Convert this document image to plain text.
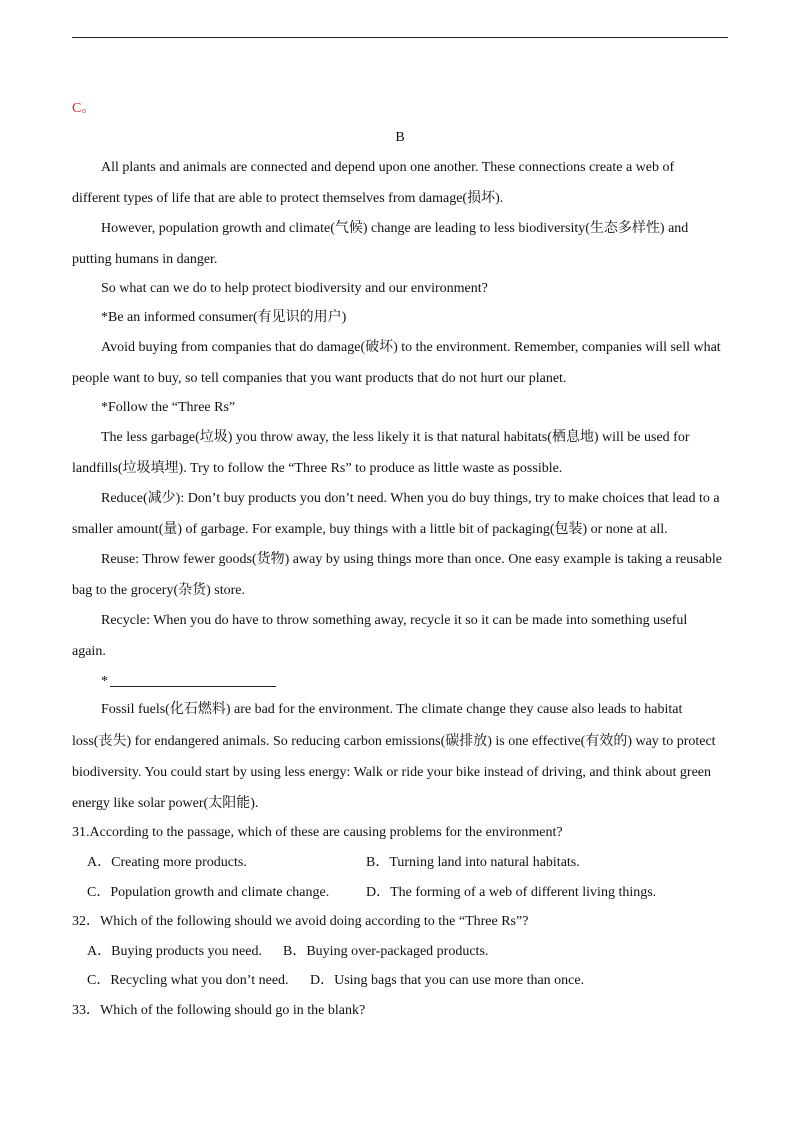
C。
B
All plants and animals are connected and depend upon one another. These connections create a web of
different types of life that are able to protect themselves from damage(损坏).
However, population growth and climate(气候) change are leading to less biodiversity(生态多样性) and
putting humans in danger.
So what can we do to help protect biodiversity and our environment?
*Be an informed consumer(有见识的用户)
Avoid buying from companies that do damage(破坏) to the environment. Remember, companies will sell what
people want to buy, so tell companies that you want products that do not hurt our planet.
*Follow the “Three Rs”
The less garbage(垃圾) you throw away, the less likely it is that natural habitats(栖息地) will be used for
landfills(垃圾填埋). Try to follow the “Three Rs” to produce as little waste as possible.
Reduce(减少): Don’t buy products you don’t need. When you do buy things, try to make choices that lead to a
smaller amount(量) of garbage. For example, buy things with a little bit of packaging(包装) or none at all.
Reuse: Throw fewer goods(货物) away by using things more than once. One easy example is taking a reusable
bag to the grocery(杂货) store.
Recycle: When you do have to throw something away, recycle it so it can be made into something useful
again.
*
Fossil fuels(化石燃料) are bad for the environment. The climate change they cause also leads to habitat
loss(丧失) for endangered animals. So reducing carbon emissions(碳排放) is one effective(有效的) way to protect
biodiversity. You could start by using less energy: Walk or ride your bike instead of driving, and think about green
energy like solar power(太阳能).
31.According to the passage, which of these are causing problems for the environment?
A．Creating more products.	B．Turning land into natural habitats.
C．Population growth and climate change.	D．The forming of a web of different living things.
32．Which of the following should we avoid doing according to the “Three Rs”?
A．Buying products you need. B．Buying over-packaged products.
C．Recycling what you don’t need. D．Using bags that you can use more than once.
33．Which of the following should go in the blank?
